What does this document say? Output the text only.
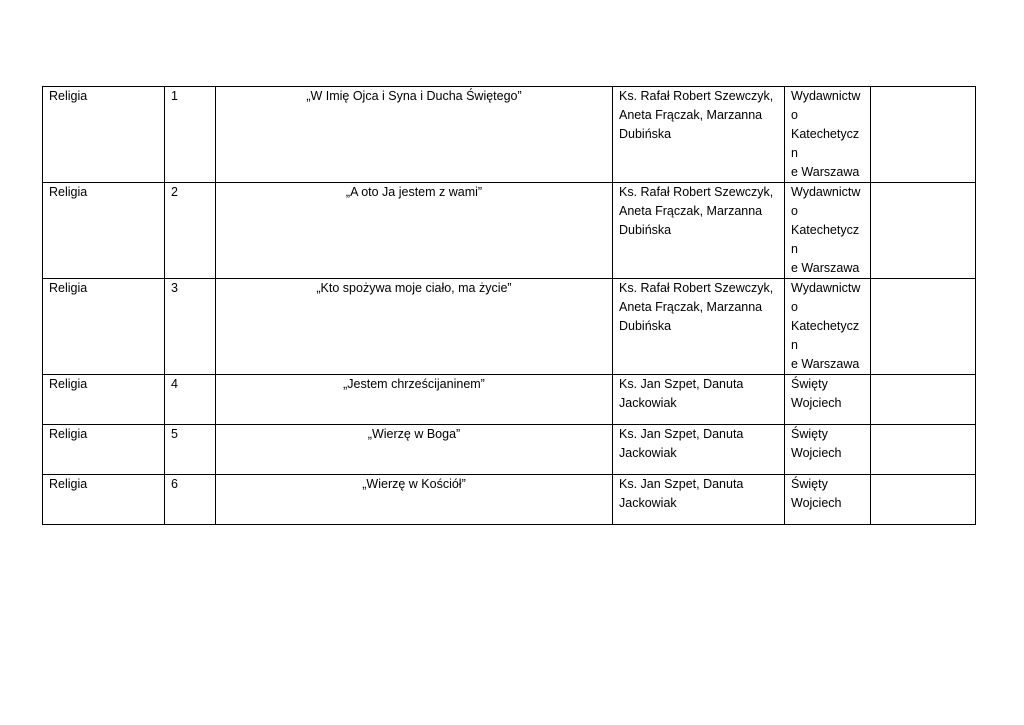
Religia	1	„W Imię Ojca i Syna i Ducha Świętego”	Ks. Rafał Robert Szewczyk,
Aneta Frączak, Marzanna
Dubińska	Wydawnictw
o
Katechetyczn
e Warszawa	

Religia	2	„A oto Ja jestem z wami”	Ks. Rafał Robert Szewczyk,
Aneta Frączak, Marzanna
Dubińska	Wydawnictw
o
Katechetyczn
e Warszawa	

Religia	3	„Kto spożywa moje ciało, ma życie”	Ks. Rafał Robert Szewczyk,
Aneta Frączak, Marzanna
Dubińska	Wydawnictw
o
Katechetyczn
e Warszawa	

Religia	4	„Jestem chrześcijaninem”	Ks. Jan Szpet, Danuta
Jackowiak	Święty
Wojciech	

Religia	5	„Wierzę w Boga”	Ks. Jan Szpet, Danuta
Jackowiak	Święty
Wojciech	

Religia	6	„Wierzę w Kościół”	Ks. Jan Szpet, Danuta
Jackowiak	Święty
Wojciech	
